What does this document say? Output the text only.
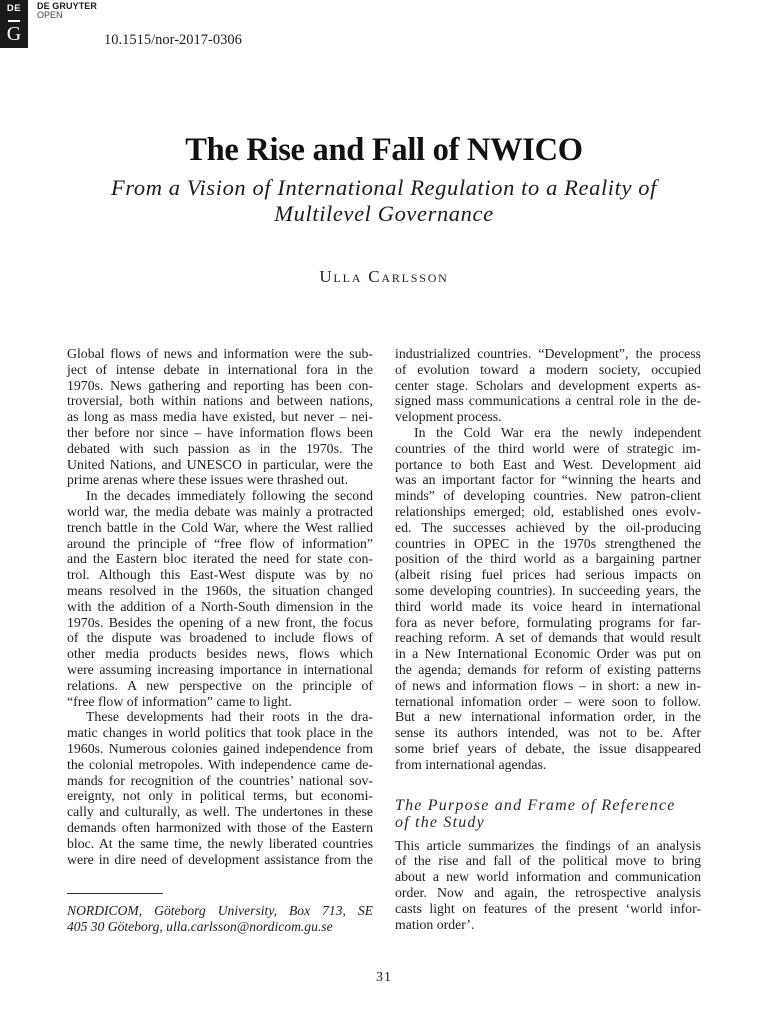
DE
G
DE GRUYTER
OPEN
10.1515/nor-2017-0306
The Rise and Fall of NWICO
From a Vision of International Regulation to a Reality of
Multilevel Governance
Ulla Carlsson
Global flows of news and information were the sub-
ject of intense debate in international fora in the
1970s. News gathering and reporting has been con-
troversial, both within nations and between nations,
as long as mass media have existed, but never – nei-
ther before nor since – have information flows been
debated with such passion as in the 1970s. The
United Nations, and UNESCO in particular, were the
prime arenas where these issues were thrashed out.
In the decades immediately following the second
world war, the media debate was mainly a protracted
trench battle in the Cold War, where the West rallied
around the principle of “free flow of information”
and the Eastern bloc iterated the need for state con-
trol. Although this East-West dispute was by no
means resolved in the 1960s, the situation changed
with the addition of a North-South dimension in the
1970s. Besides the opening of a new front, the focus
of the dispute was broadened to include flows of
other media products besides news, flows which
were assuming increasing importance in international
relations. A new perspective on the principle of
“free flow of information” came to light.
These developments had their roots in the dra-
matic changes in world politics that took place in the
1960s. Numerous colonies gained independence from
the colonial metropoles. With independence came de-
mands for recognition of the countries’ national sov-
ereignty, not only in political terms, but economi-
cally and culturally, as well. The undertones in these
demands often harmonized with those of the Eastern
bloc. At the same time, the newly liberated countries
were in dire need of development assistance from the
industrialized countries. “Development”, the process
of evolution toward a modern society, occupied
center stage. Scholars and development experts as-
signed mass communications a central role in the de-
velopment process.
In the Cold War era the newly independent
countries of the third world were of strategic im-
portance to both East and West. Development aid
was an important factor for “winning the hearts and
minds” of developing countries. New patron-client
relationships emerged; old, established ones evolv-
ed. The successes achieved by the oil-producing
countries in OPEC in the 1970s strengthened the
position of the third world as a bargaining partner
(albeit rising fuel prices had serious impacts on
some developing countries). In succeeding years, the
third world made its voice heard in international
fora as never before, formulating programs for far-
reaching reform. A set of demands that would result
in a New International Economic Order was put on
the agenda; demands for reform of existing patterns
of news and information flows – in short: a new in-
ternational infomation order – were soon to follow.
But a new international information order, in the
sense its authors intended, was not to be. After
some brief years of debate, the issue disappeared
from international agendas.
The Purpose and Frame of Reference
of the Study
This article summarizes the findings of an analysis
of the rise and fall of the political move to bring
about a new world information and communication
order. Now and again, the retrospective analysis
casts light on features of the present ‘world infor-
mation order’.
NORDICOM, Göteborg University, Box 713, SE
405 30 Göteborg, ulla.carlsson@nordicom.gu.se
31
